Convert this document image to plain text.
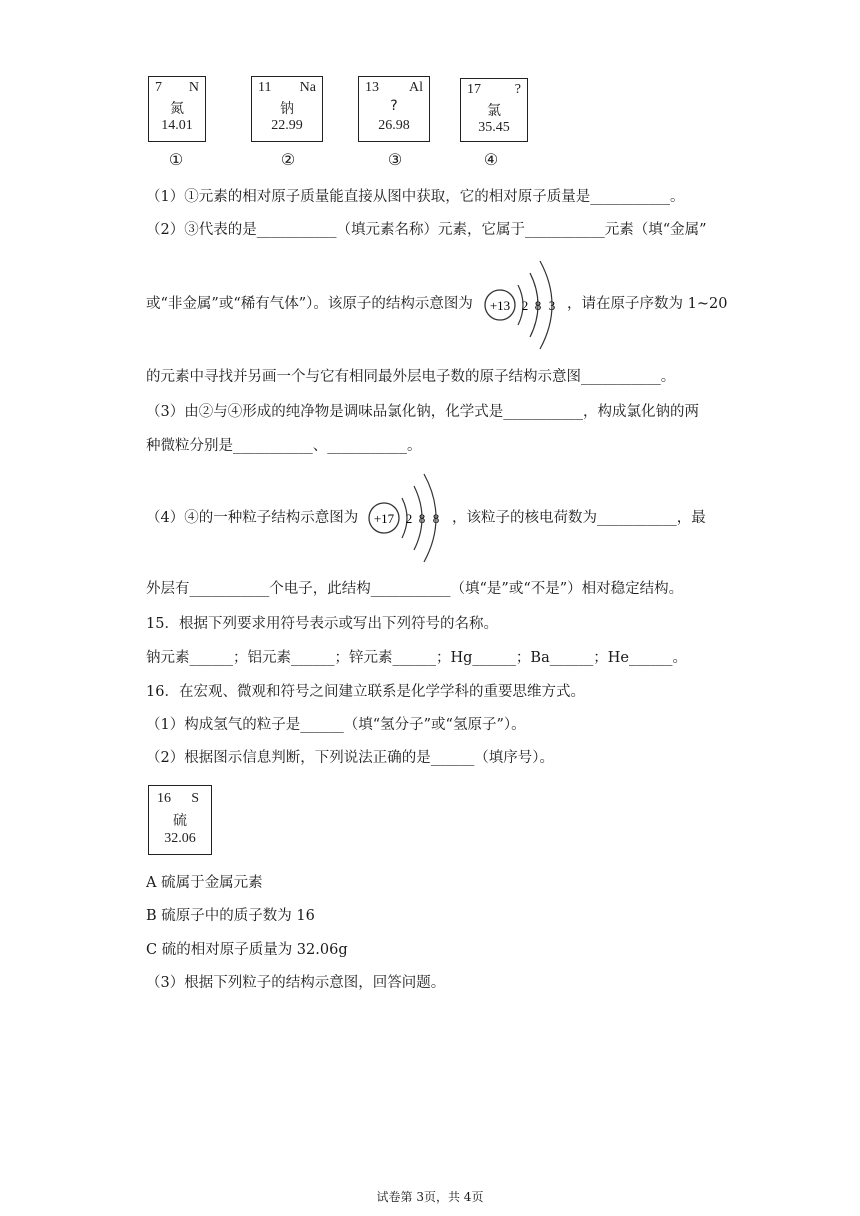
7 N
氮
14.01
11 Na
钠
22.99
13 Al
?
26.98
17 ?
氯
35.45
①	②	③	④
（1）①元素的相对原子质量能直接从图中获取，它的相对原子质量是___________。
（2）③代表的是___________（填元素名称）元素，它属于___________元素（填“金属”
或“非金属”或“稀有气体”）。该原子的结构示意图为 +13 2 8 3 ，请在原子序数为 1~20
的元素中寻找并另画一个与它有相同最外层电子数的原子结构示意图___________。
（3）由②与④形成的纯净物是调味品氯化钠，化学式是___________，构成氯化钠的两
种微粒分别是___________、___________。
（4）④的一种粒子结构示意图为 +17 2 8 8 ，该粒子的核电荷数为___________，最
外层有___________个电子，此结构___________（填“是”或“不是”）相对稳定结构。
15．根据下列要求用符号表示或写出下列符号的名称。
钠元素______；铝元素______；锌元素______；Hg______；Ba______；He______。
16．在宏观、微观和符号之间建立联系是化学学科的重要思维方式。
（1）构成氢气的粒子是______（填“氢分子”或“氢原子”）。
（2）根据图示信息判断，下列说法正确的是______（填序号）。
16 S
硫
32.06
A 硫属于金属元素
B 硫原子中的质子数为 16
C 硫的相对原子质量为 32.06g
（3）根据下列粒子的结构示意图，回答问题。
试卷第 3页，共 4页
